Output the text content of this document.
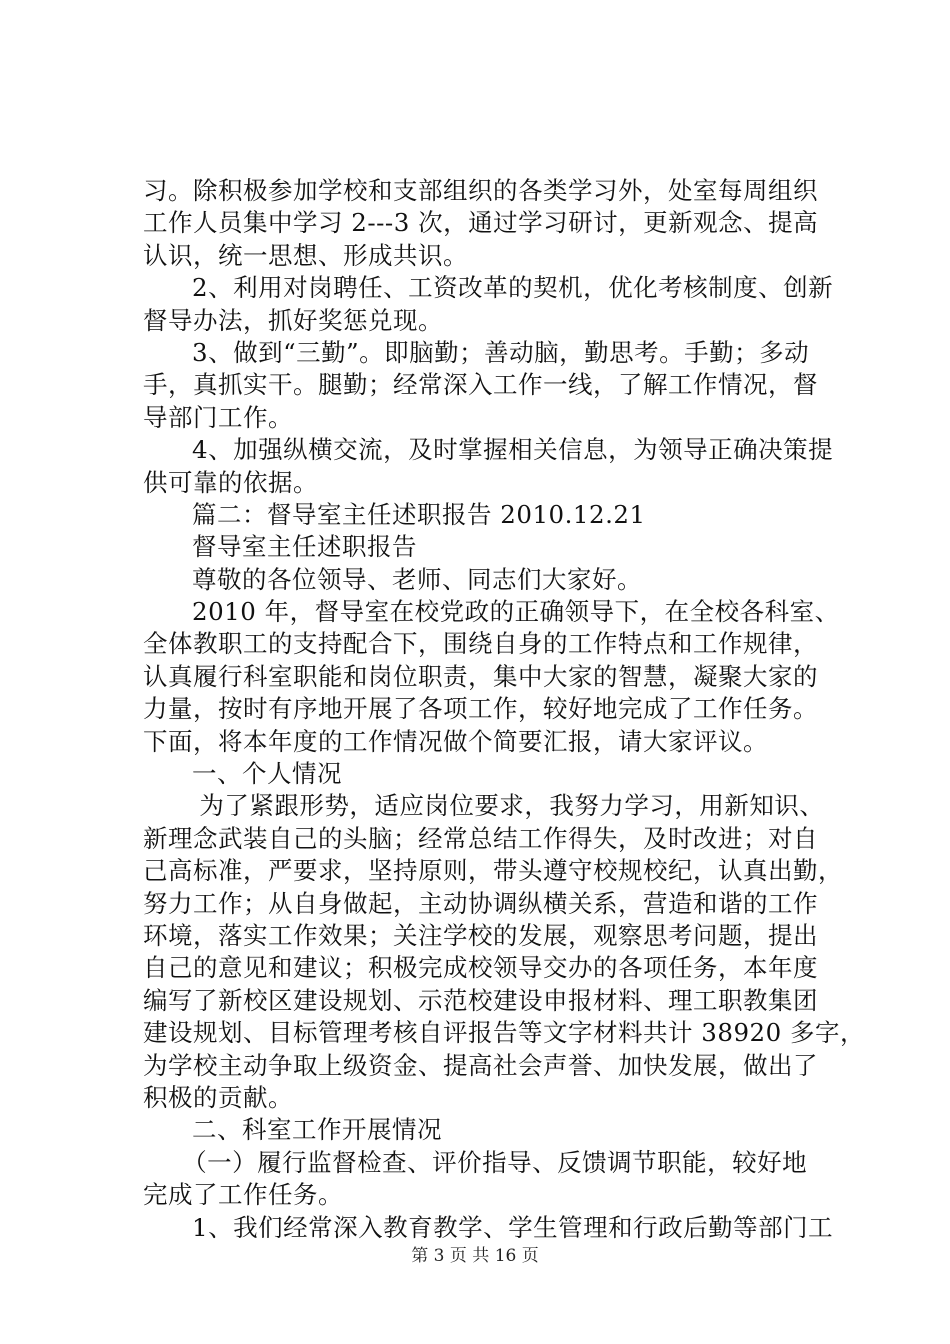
习。除积极参加学校和支部组织的各类学习外，处室每周组织
工作人员集中学习 2---3 次，通过学习研讨，更新观念、提高
认识，统一思想、形成共识。
2、利用对岗聘任、工资改革的契机，优化考核制度、创新
督导办法，抓好奖惩兑现。
3、做到“三勤”。即脑勤；善动脑，勤思考。手勤；多动
手，真抓实干。腿勤；经常深入工作一线，了解工作情况，督
导部门工作。
4、加强纵横交流，及时掌握相关信息，为领导正确决策提
供可靠的依据。
篇二：督导室主任述职报告 2010.12.21
督导室主任述职报告
尊敬的各位领导、老师、同志们大家好。
2010 年，督导室在校党政的正确领导下，在全校各科室、
全体教职工的支持配合下，围绕自身的工作特点和工作规律，
认真履行科室职能和岗位职责，集中大家的智慧，凝聚大家的
力量，按时有序地开展了各项工作，较好地完成了工作任务。
下面，将本年度的工作情况做个简要汇报，请大家评议。
一、个人情况
为了紧跟形势，适应岗位要求，我努力学习，用新知识、
新理念武装自己的头脑；经常总结工作得失，及时改进；对自
己高标准，严要求，坚持原则，带头遵守校规校纪，认真出勤，
努力工作；从自身做起，主动协调纵横关系，营造和谐的工作
环境，落实工作效果；关注学校的发展，观察思考问题，提出
自己的意见和建议；积极完成校领导交办的各项任务，本年度
编写了新校区建设规划、示范校建设申报材料、理工职教集团
建设规划、目标管理考核自评报告等文字材料共计 38920 多字，
为学校主动争取上级资金、提高社会声誉、加快发展，做出了
积极的贡献。
二、科室工作开展情况
（一）履行监督检查、评价指导、反馈调节职能，较好地
完成了工作任务。
1、我们经常深入教育教学、学生管理和行政后勤等部门工
第 3 页 共 16 页
